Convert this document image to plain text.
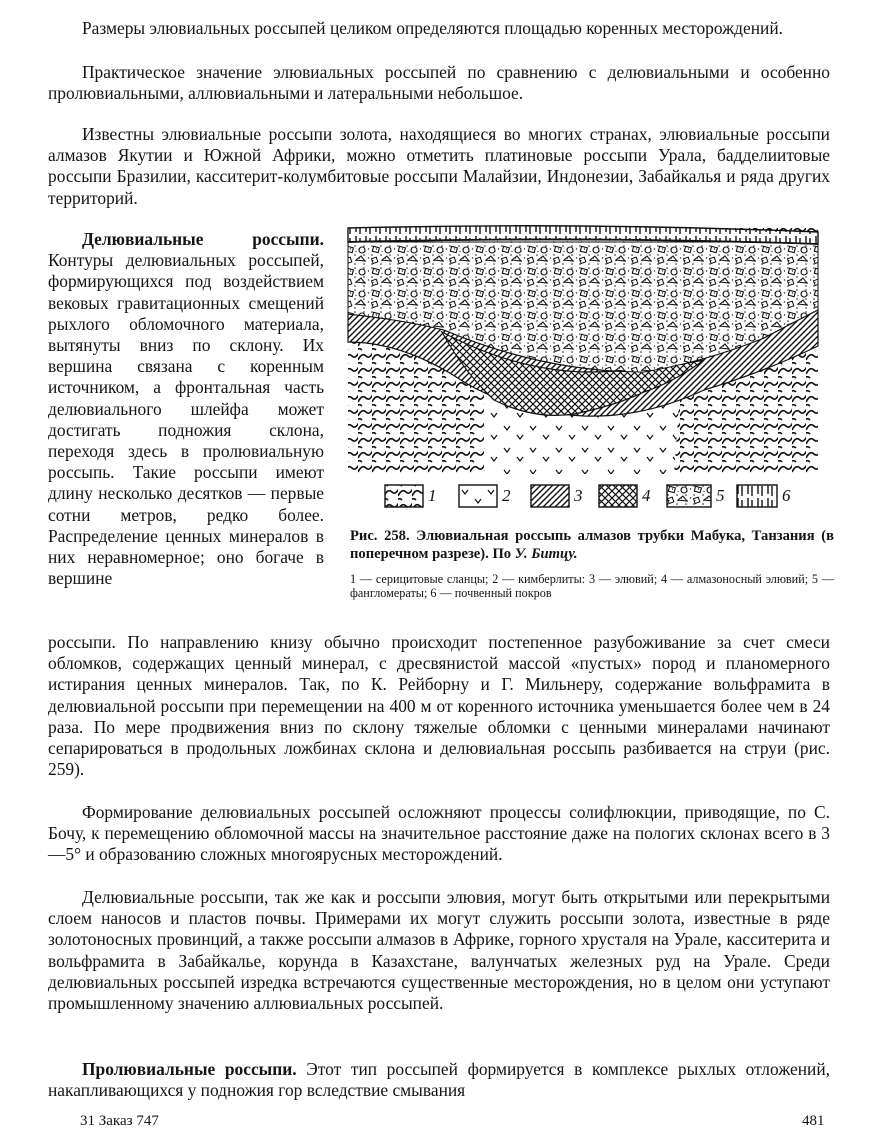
Размеры элювиальных россыпей целиком определяются площадью коренных месторождений.

Практическое значение элювиальных россыпей по сравнению с делювиальными и особенно пролювиальными, аллювиальными и латеральными небольшое.

Известны элювиальные россыпи золота, находящиеся во многих странах, элювиальные россыпи алмазов Якутии и Южной Африки, можно отметить платиновые россыпи Урала, бадделиитовые россыпи Бразилии, касситерит-колумбитовые россыпи Малайзии, Индонезии, Забайкалья и ряда других территорий.

Делювиальные россыпи. Контуры делювиальных россыпей, формирующихся под воздействием вековых гравитационных смещений рыхлого обломочного материала, вытянуты вниз по склону. Их вершина связана с коренным источником, а фронтальная часть делювиального шлейфа может достигать подножия склона, переходя здесь в пролювиальную россыпь. Такие россыпи имеют длину несколько десятков — первые сотни метров, редко более. Распределение ценных минералов в них неравномерное; оно богаче в вершине

россыпи. По направлению книзу обычно происходит постепенное разубоживание за счет смеси обломков, содержащих ценный минерал, с дресвянистой массой «пустых» пород и планомерного истирания ценных минералов. Так, по К. Рейборну и Г. Мильнеру, содержание вольфрамита в делювиальной россыпи при перемещении на 400 м от коренного источника уменьшается более чем в 24 раза. По мере продвижения вниз по склону тяжелые обломки с ценными минералами начинают сепарироваться в продольных ложбинах склона и делювиальная россыпь разбивается на струи (рис. 259).

Формирование делювиальных россыпей осложняют процессы солифлюкции, приводящие, по С. Бочу, к перемещению обломочной массы на значительное расстояние даже на пологих склонах всего в 3—5° и образованию сложных многоярусных месторождений.

Делювиальные россыпи, так же как и россыпи элювия, могут быть открытыми или перекрытыми слоем наносов и пластов почвы. Примерами их могут служить россыпи золота, известные в ряде золотоносных провинций, а также россыпи алмазов в Африке, горного хрусталя на Урале, касситерита и вольфрамита в Забайкалье, корунда в Казахстане, валунчатых железных руд на Урале. Среди делювиальных россыпей изредка встречаются существенные месторождения, но в целом они уступают промышленному значению аллювиальных россыпей.

Пролювиальные россыпи. Этот тип россыпей формируется в комплексе рыхлых отложений, накапливающихся у подножия гор вследствие смывания

1	2	3	4	5	6
Рис. 258. Элювиальная россыпь алмазов трубки Мабука, Танзания (в поперечном разрезе). По У. Битцу.
1 — серицитовые сланцы; 2 — кимберлиты: 3 — элювий; 4 — алмазоносный элювий; 5 — фангломераты; 6 — почвенный покров
31 Заказ 747	481
